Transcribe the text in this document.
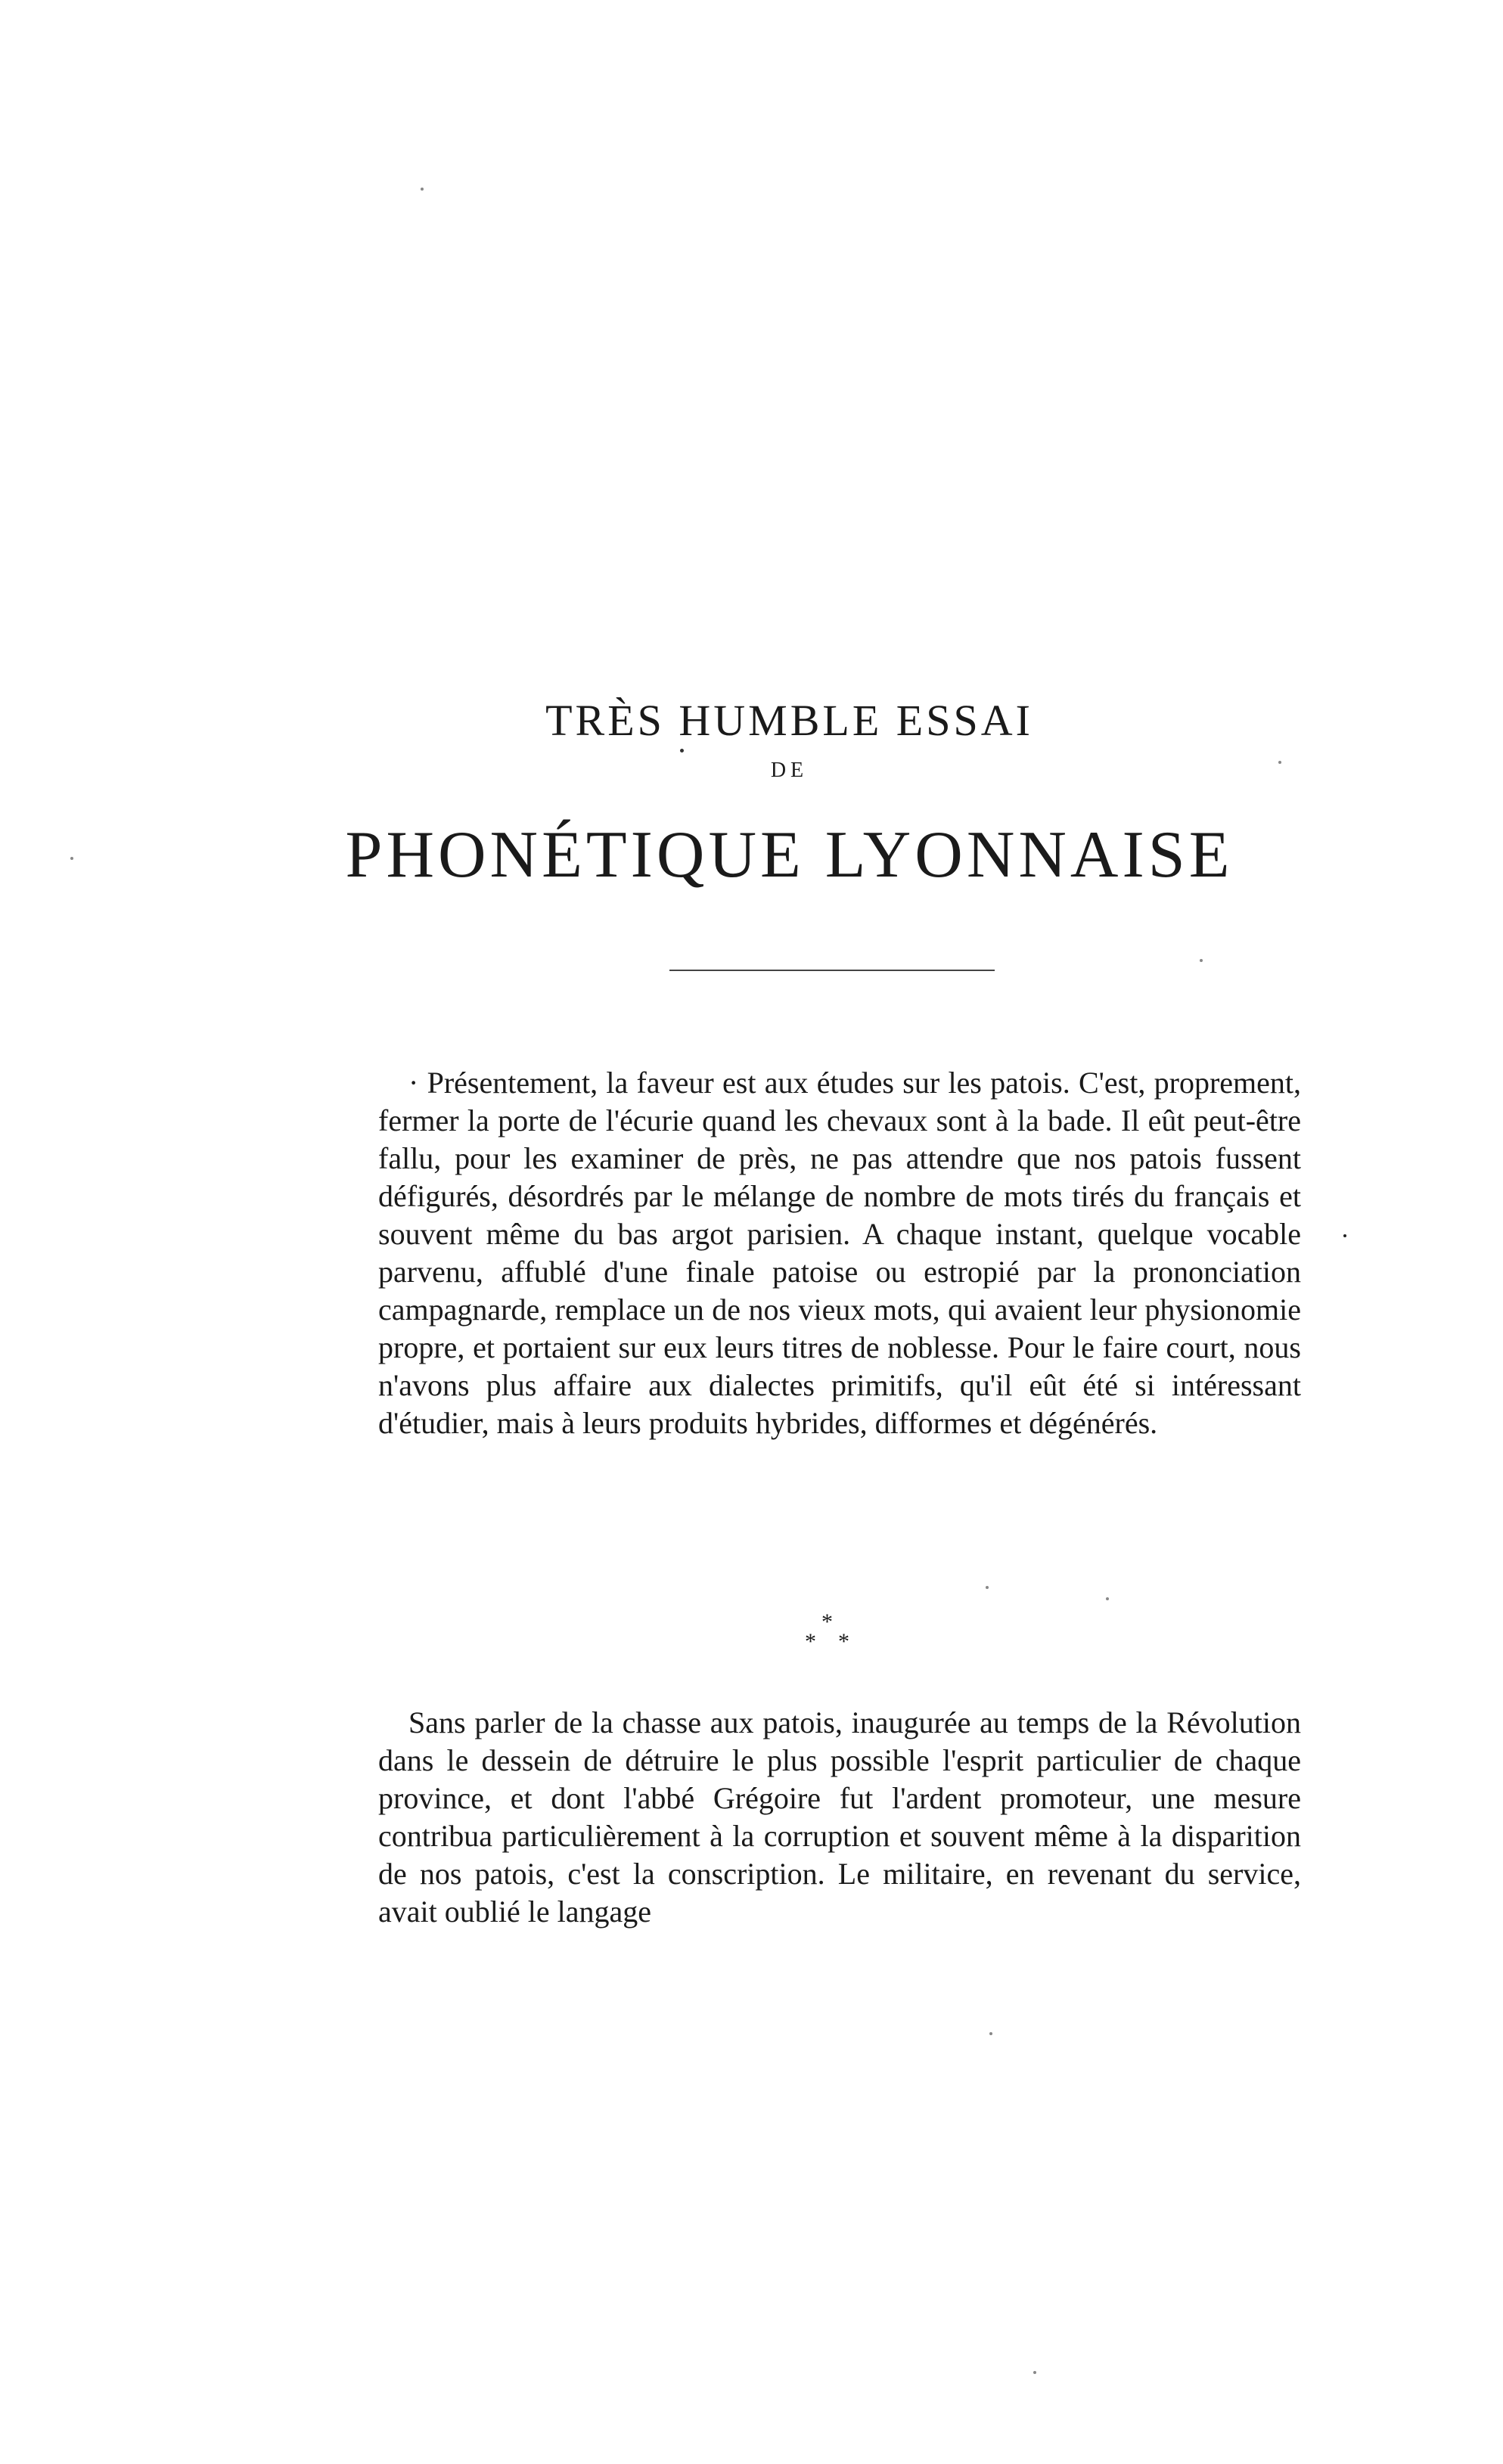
TRÈS HUMBLE ESSAI
DE
PHONÉTIQUE LYONNAISE

· Présentement, la faveur est aux études sur les patois. C'est, proprement, fermer la porte de l'écurie quand les chevaux sont à la bade. Il eût peut-être fallu, pour les examiner de près, ne pas attendre que nos patois fussent défigurés, désordrés par le mélange de nombre de mots tirés du français et souvent même du bas argot parisien. A chaque instant, quelque vocable parvenu, affublé d'une finale patoise ou estropié par la prononciation campagnarde, remplace un de nos vieux mots, qui avaient leur physionomie propre, et portaient sur eux leurs titres de noblesse. Pour le faire court, nous n'avons plus affaire aux dialectes primitifs, qu'il eût été si intéressant d'étudier, mais à leurs produits hybrides, difformes et dégénérés.

*
* *

Sans parler de la chasse aux patois, inaugurée au temps de la Révolution dans le dessein de détruire le plus possible l'esprit particulier de chaque province, et dont l'abbé Grégoire fut l'ardent promoteur, une mesure contribua particulièrement à la corruption et souvent même à la disparition de nos patois, c'est la conscription. Le militaire, en revenant du service, avait oublié le langage
